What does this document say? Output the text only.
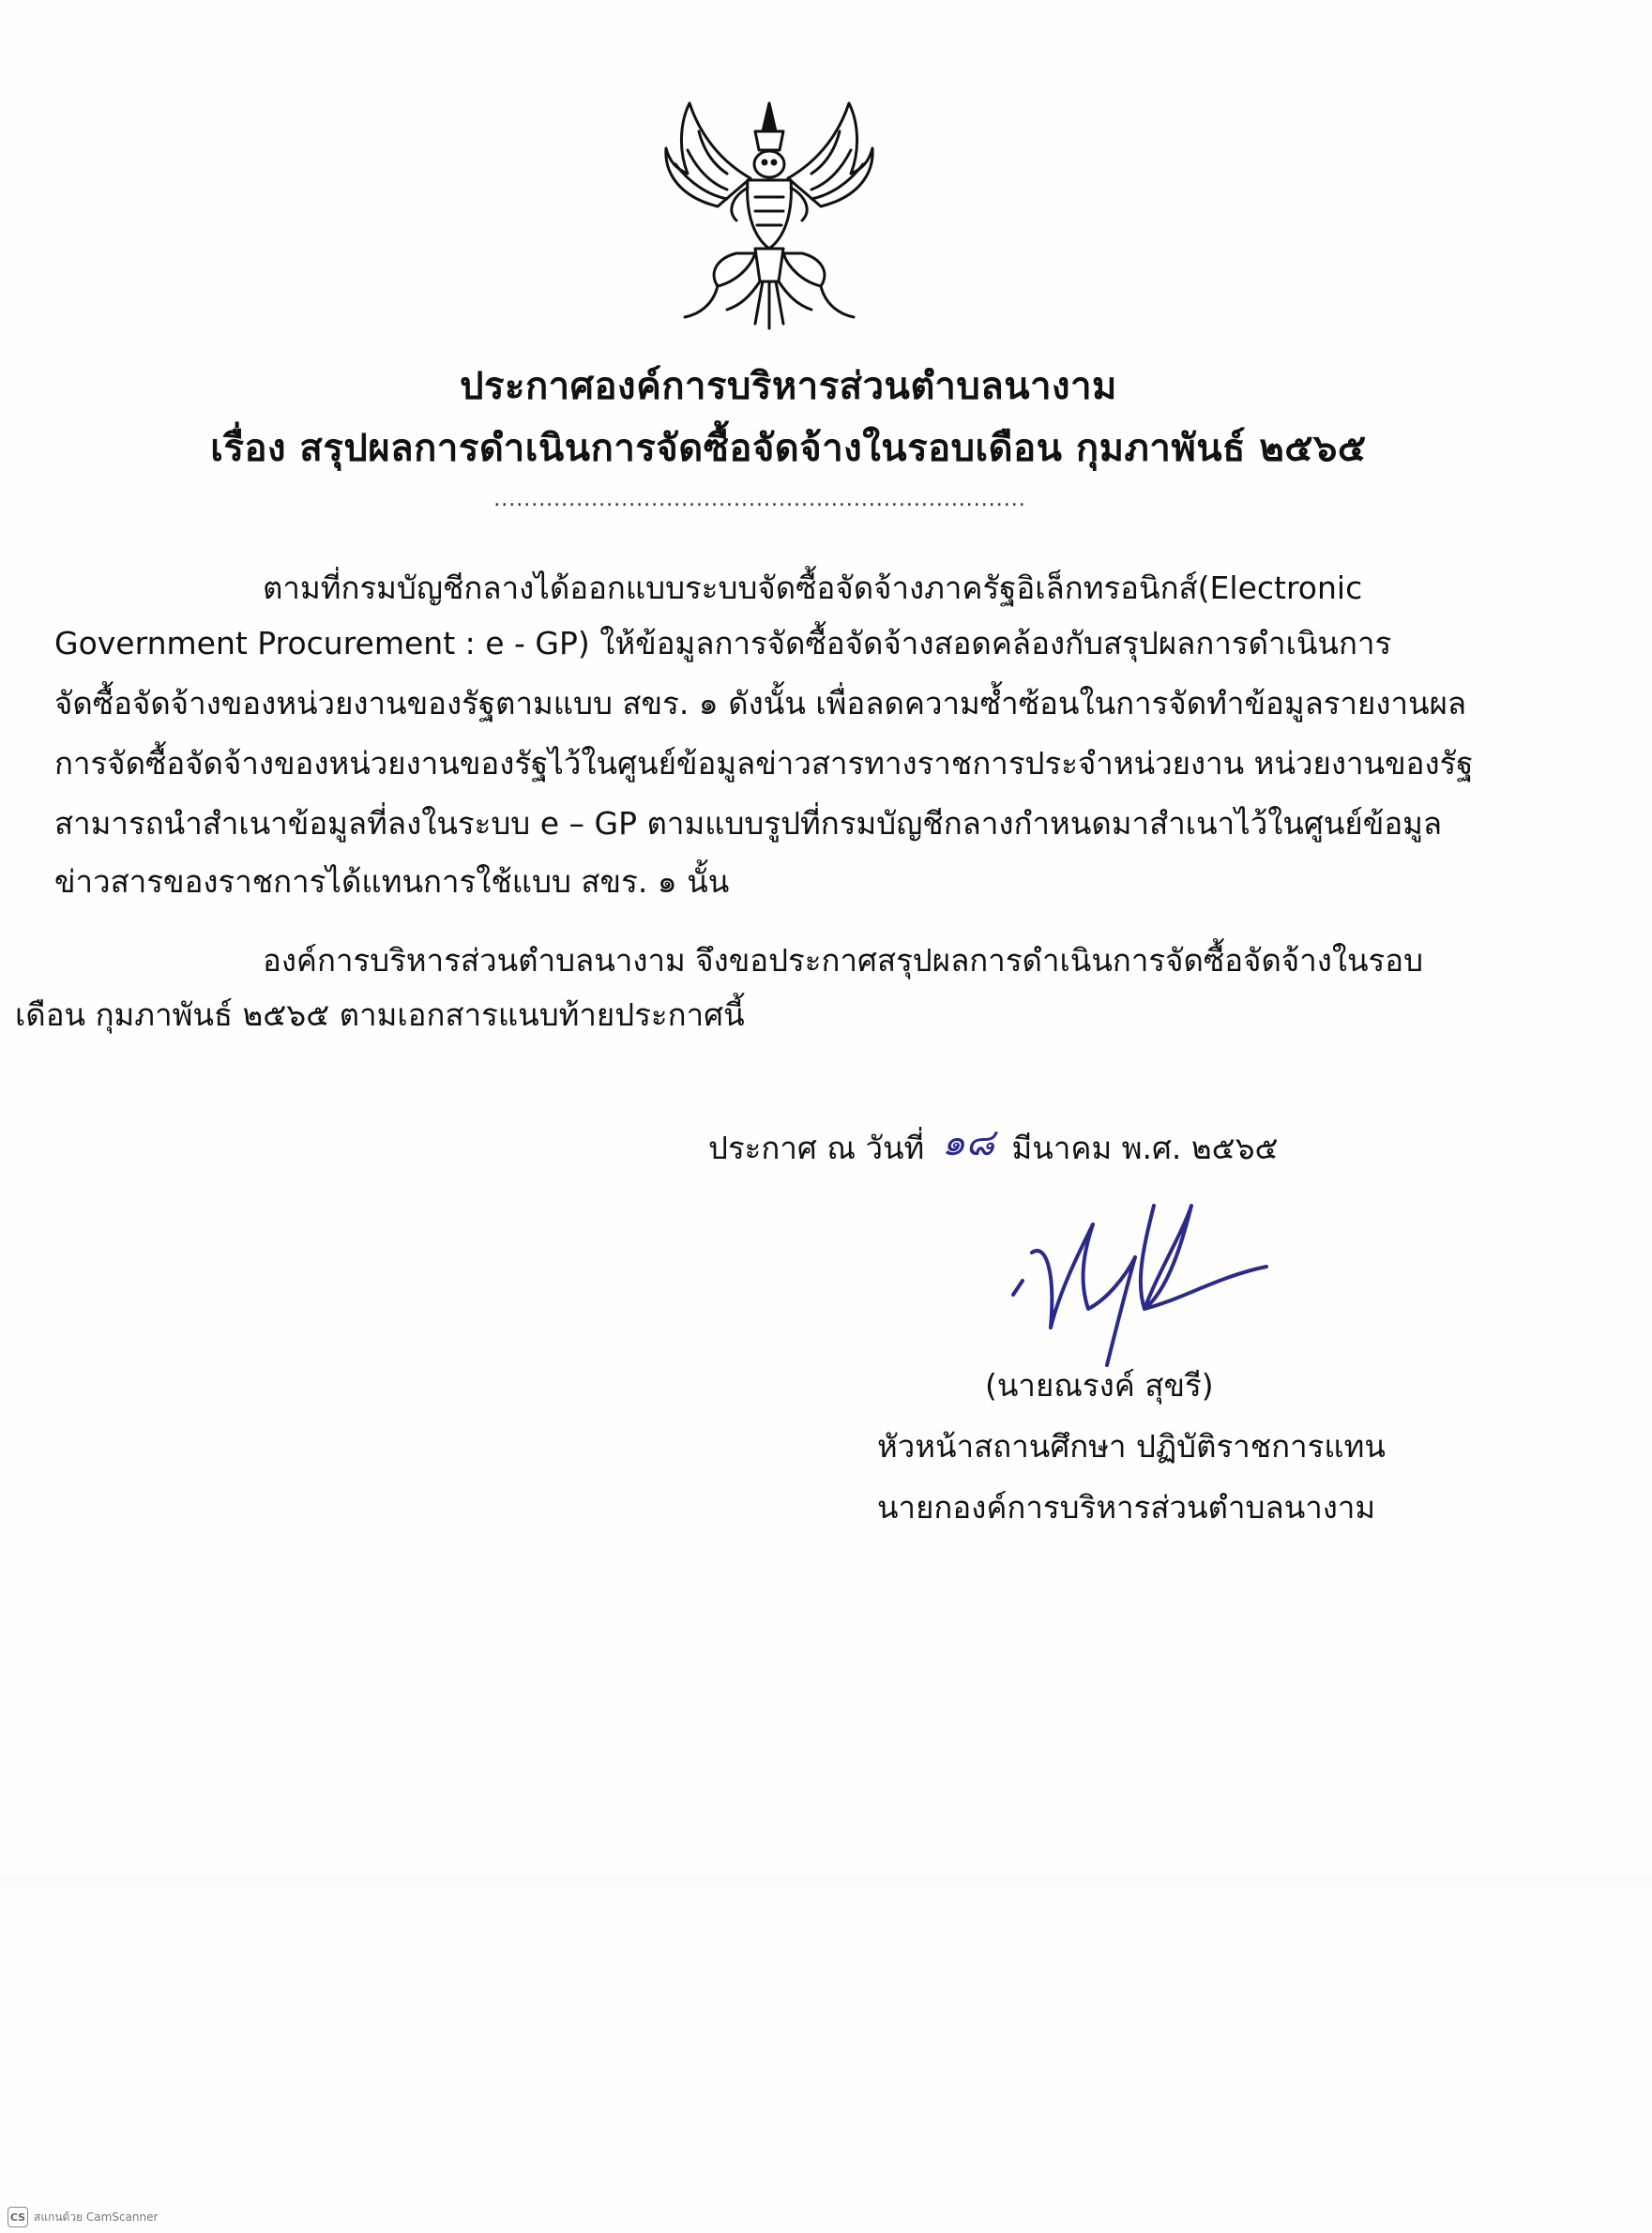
ประกาศองค์การบริหารส่วนตำบลนางาม
เรื่อง สรุปผลการดำเนินการจัดซื้อจัดจ้างในรอบเดือน กุมภาพันธ์ ๒๕๖๕
.......................................................................
ตามที่กรมบัญชีกลางได้ออกแบบระบบจัดซื้อจัดจ้างภาครัฐอิเล็กทรอนิกส์(Electronic
Government Procurement : e - GP) ให้ข้อมูลการจัดซื้อจัดจ้างสอดคล้องกับสรุปผลการดำเนินการ
จัดซื้อจัดจ้างของหน่วยงานของรัฐตามแบบ สขร. ๑ ดังนั้น เพื่อลดความซ้ำซ้อนในการจัดทำข้อมูลรายงานผล
การจัดซื้อจัดจ้างของหน่วยงานของรัฐไว้ในศูนย์ข้อมูลข่าวสารทางราชการประจำหน่วยงาน หน่วยงานของรัฐ
สามารถนำสำเนาข้อมูลที่ลงในระบบ e – GP ตามแบบรูปที่กรมบัญชีกลางกำหนดมาสำเนาไว้ในศูนย์ข้อมูล
ข่าวสารของราชการได้แทนการใช้แบบ สขร. ๑ นั้น
องค์การบริหารส่วนตำบลนางาม จึงขอประกาศสรุปผลการดำเนินการจัดซื้อจัดจ้างในรอบ
เดือน กุมภาพันธ์ ๒๕๖๕ ตามเอกสารแนบท้ายประกาศนี้
ประกาศ ณ วันที่ ๑๘ มีนาคม พ.ศ. ๒๕๖๕
(นายณรงค์ สุขรี)
หัวหน้าสถานศึกษา ปฏิบัติราชการแทน
นายกองค์การบริหารส่วนตำบลนางาม
CS สแกนด้วย CamScanner
